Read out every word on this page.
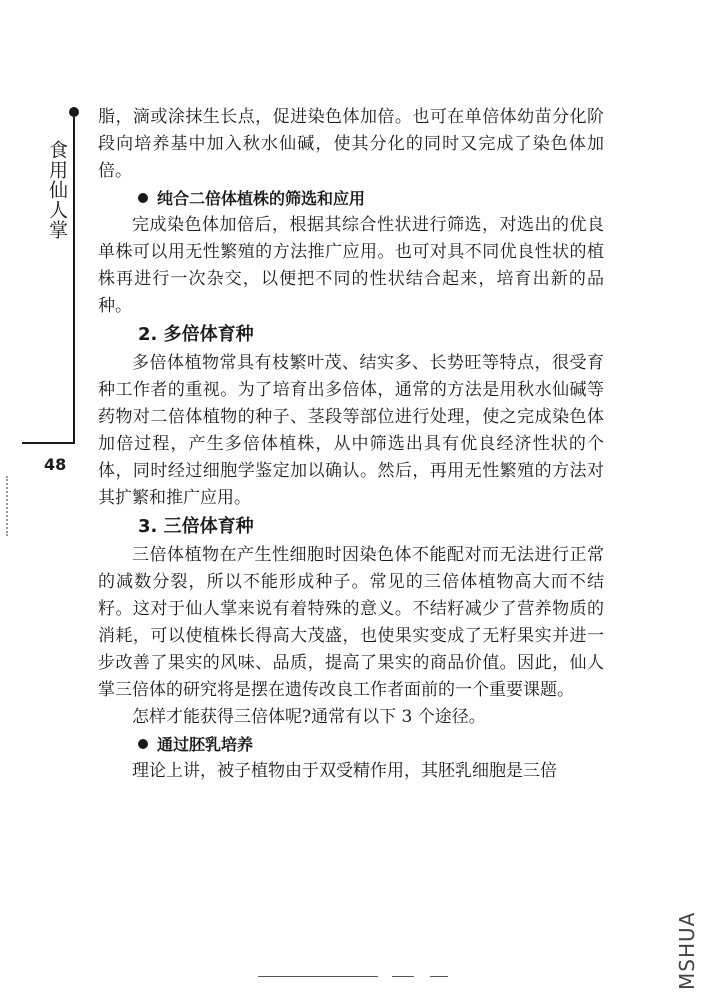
食用仙人掌
48

脂，滴或涂抹生长点，促进染色体加倍。也可在单倍体幼苗分化阶段向培养基中加入秋水仙碱，使其分化的同时又完成了染色体加倍。

纯合二倍体植株的筛选和应用

完成染色体加倍后，根据其综合性状进行筛选，对选出的优良单株可以用无性繁殖的方法推广应用。也可对具不同优良性状的植株再进行一次杂交，以便把不同的性状结合起来，培育出新的品种。

2. 多倍体育种

多倍体植物常具有枝繁叶茂、结实多、长势旺等特点，很受育种工作者的重视。为了培育出多倍体，通常的方法是用秋水仙碱等药物对二倍体植物的种子、茎段等部位进行处理，使之完成染色体加倍过程，产生多倍体植株，从中筛选出具有优良经济性状的个体，同时经过细胞学鉴定加以确认。然后，再用无性繁殖的方法对其扩繁和推广应用。

3. 三倍体育种

三倍体植物在产生性细胞时因染色体不能配对而无法进行正常的减数分裂，所以不能形成种子。常见的三倍体植物高大而不结籽。这对于仙人掌来说有着特殊的意义。不结籽减少了营养物质的消耗，可以使植株长得高大茂盛，也使果实变成了无籽果实并进一步改善了果实的风味、品质，提高了果实的商品价值。因此，仙人掌三倍体的研究将是摆在遗传改良工作者面前的一个重要课题。

怎样才能获得三倍体呢?通常有以下 3 个途径。

通过胚乳培养

理论上讲，被子植物由于双受精作用，其胚乳细胞是三倍

MSHUA
